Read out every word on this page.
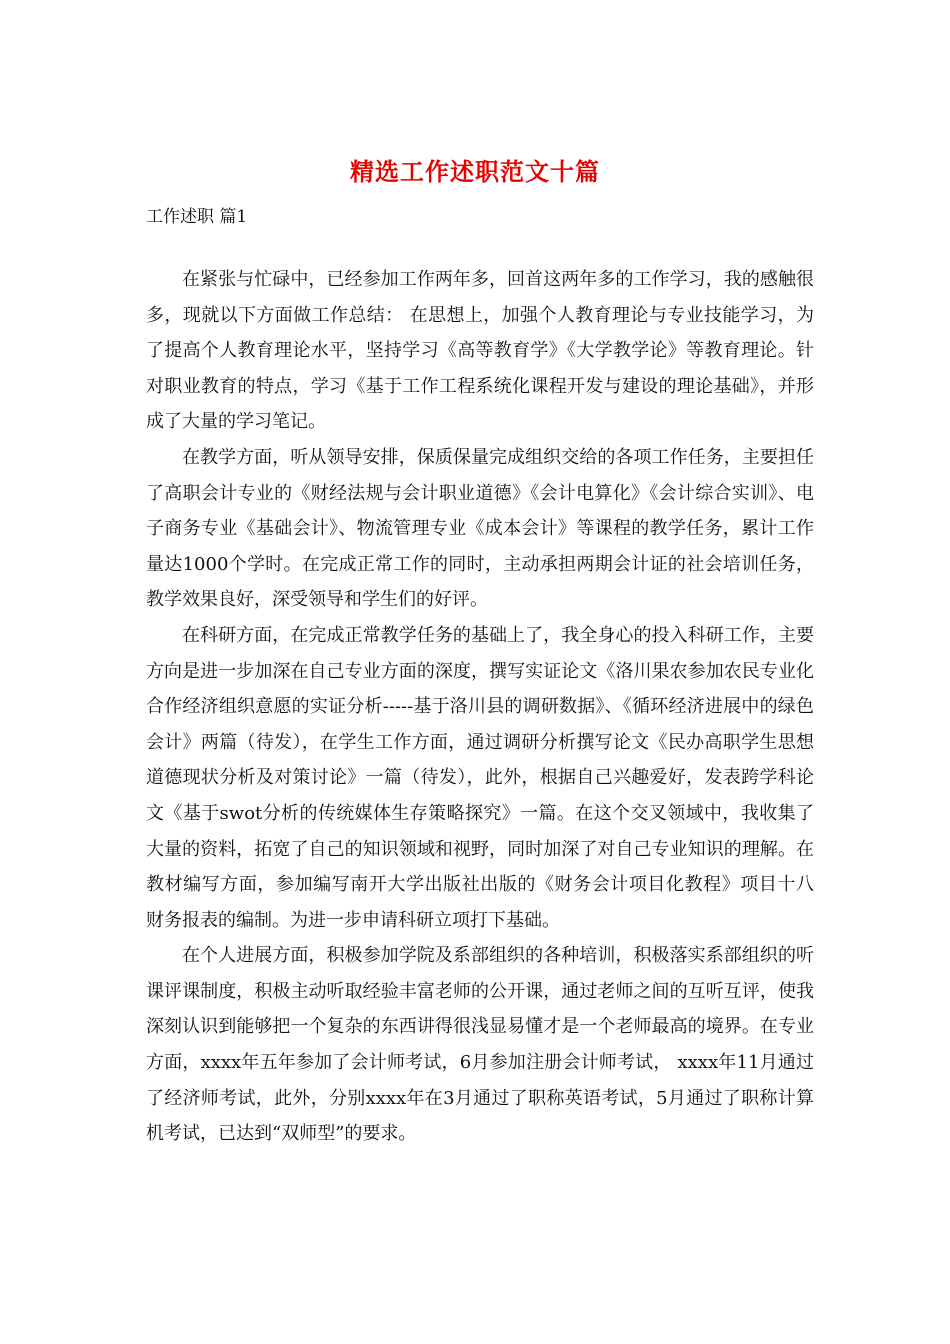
精选工作述职范文十篇
工作述职 篇1

在紧张与忙碌中，已经参加工作两年多，回首这两年多的工作学习，我的感触很多，现就以下方面做工作总结： 在思想上，加强个人教育理论与专业技能学习，为了提高个人教育理论水平，坚持学习《高等教育学》《大学教学论》等教育理论。针对职业教育的特点，学习《基于工作工程系统化课程开发与建设的理论基础》，并形成了大量的学习笔记。

在教学方面，听从领导安排，保质保量完成组织交给的各项工作任务，主要担任了高职会计专业的《财经法规与会计职业道德》《会计电算化》《会计综合实训》、电子商务专业《基础会计》、物流管理专业《成本会计》等课程的教学任务，累计工作量达1000个学时。在完成正常工作的同时，主动承担两期会计证的社会培训任务，教学效果良好，深受领导和学生们的好评。

在科研方面，在完成正常教学任务的基础上了，我全身心的投入科研工作，主要方向是进一步加深在自己专业方面的深度，撰写实证论文《洛川果农参加农民专业化合作经济组织意愿的实证分析-----基于洛川县的调研数据》、《循环经济进展中的绿色会计》两篇（待发），在学生工作方面，通过调研分析撰写论文《民办高职学生思想道德现状分析及对策讨论》一篇（待发），此外，根据自己兴趣爱好，发表跨学科论文《基于swot分析的传统媒体生存策略探究》一篇。在这个交叉领域中，我收集了大量的资料，拓宽了自己的知识领域和视野，同时加深了对自己专业知识的理解。在教材编写方面，参加编写南开大学出版社出版的《财务会计项目化教程》项目十八 财务报表的编制。为进一步申请科研立项打下基础。

在个人进展方面，积极参加学院及系部组织的各种培训，积极落实系部组织的听课评课制度，积极主动听取经验丰富老师的公开课，通过老师之间的互听互评，使我深刻认识到能够把一个复杂的东西讲得很浅显易懂才是一个老师最高的境界。在专业方面，xxxx年五年参加了会计师考试，6月参加注册会计师考试， xxxx年11月通过了经济师考试，此外，分别xxxx年在3月通过了职称英语考试，5月通过了职称计算机考试，已达到“双师型”的要求。
